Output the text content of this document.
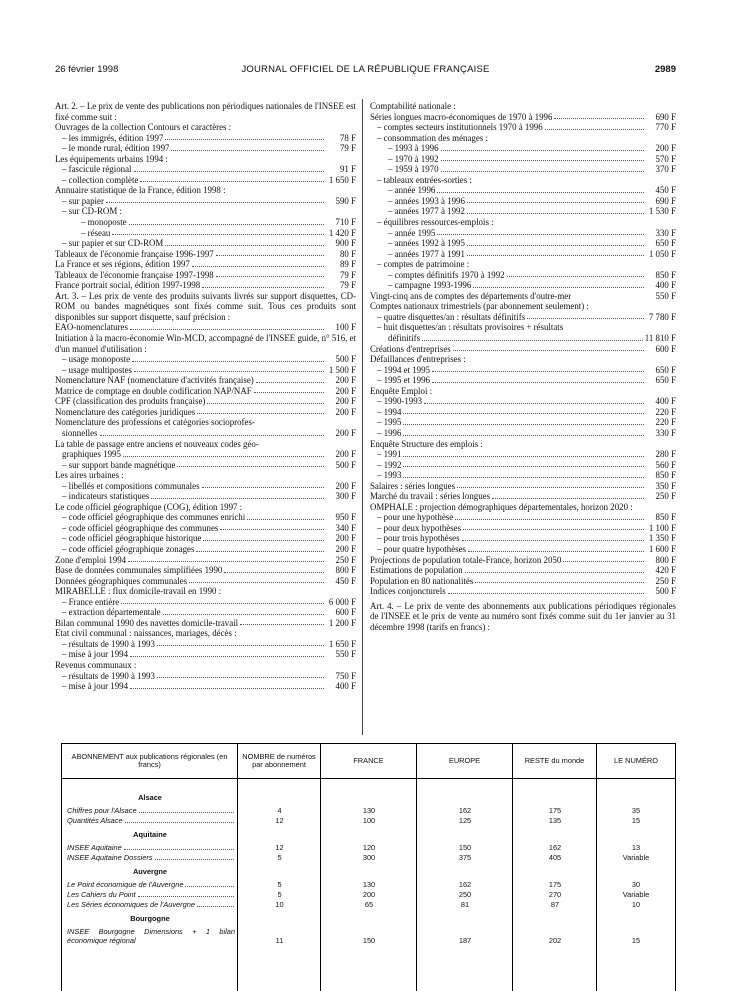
26 février 1998	JOURNAL OFFICIEL DE LA RÉPUBLIQUE FRANÇAISE	2989
Art. 2. – Le prix de vente des publications non périodiques nationales de l'INSEE est fixé comme suit :
Ouvrages de la collection Contours et caractères :
– les immigrés, édition 1997	78 F
– le monde rural, édition 1997	79 F
Les équipements urbains 1994 :
– fascicule régional	91 F
– collection complète	1 650 F
Annuaire statistique de la France, édition 1998 :
– sur papier	590 F
– sur CD-ROM :
– monoposte	710 F
– réseau	1 420 F
– sur papier et sur CD-ROM	900 F
Tableaux de l'économie française 1996-1997	80 F
La France et ses régions, édition 1997	89 F
Tableaux de l'économie française 1997-1998	79 F
France portrait social, édition 1997-1998	79 F
Art. 3. – Les prix de vente des produits suivants livrés sur support disquettes, CD-ROM ou bandes magnétiques sont fixés comme suit. Tous ces produits sont disponibles sur support disquette, sauf précision :
EAO-nomenclatures	100 F
Initiation à la macro-économie Win-MCD, accompagné de l'INSEE guide, n° 516, et d'un manuel d'utilisation :
– usage monoposte	500 F
– usage multipostes	1 500 F
Nomenclature NAF (nomenclature d'activités française)	200 F
Matrice de comptage en double codification NAP/NAF	200 F
CPF (classification des produits française)	200 F
Nomenclature des catégories juridiques	200 F
Nomenclature des professions et catégories socioprofes-
sionnelles	200 F
La table de passage entre anciens et nouveaux codes géo-
graphiques 1995	200 F
– sur support bande magnétique	500 F
Les aires urbaines :
– libellés et compositions communales	200 F
– indicateurs statistiques	300 F
Le code officiel géographique (COG), édition 1997 :
– code officiel géographique des communes enrichi	950 F
– code officiel géographique des communes	340 F
– code officiel géographique historique	200 F
– code officiel géographique zonages	200 F
Zone d'emploi 1994	250 F
Base de données communales simplifiées 1990	800 F
Données géographiques communales	450 F
MIRABELLE : flux domicile-travail en 1990 :
– France entière	6 000 F
– extraction départementale	600 F
Bilan communal 1990 des navettes domicile-travail	1 200 F
Etat civil communal : naissances, mariages, décès :
– résultats de 1990 à 1993	1 650 F
– mise à jour 1994	550 F
Revenus communaux :
– résultats de 1990 à 1993	750 F
– mise à jour 1994	400 F
Comptabilité nationale :
Séries longues macro-économiques de 1970 à 1996	690 F
– comptes secteurs institutionnels 1970 à 1996	770 F
– consommation des ménages :
– 1993 à 1996	200 F
– 1970 à 1992	570 F
– 1959 à 1970	370 F
– tableaux entrées-sorties :
– année 1996	450 F
– années 1993 à 1996	690 F
– années 1977 à 1992	1 530 F
– équilibres ressources-emplois :
– année 1995	330 F
– années 1992 à 1995	650 F
– années 1977 à 1991	1 050 F
– comptes de patrimoine :
– comptes définitifs 1970 à 1992	850 F
– campagne 1993-1996	400 F
Vingt-cinq ans de comptes des départements d'outre-mer	550 F
Comptes nationaux trimestriels (par abonnement seulement) :
– quatre disquettes/an : résultats définitifs	7 780 F
– huit disquettes/an : résultats provisoires + résultats
définitifs	11 810 F
Créations d'entreprises	600 F
Défaillances d'entreprises :
– 1994 et 1995	650 F
– 1995 et 1996	650 F
Enquête Emploi :
– 1990-1993	400 F
– 1994	220 F
– 1995	220 F
– 1996	330 F
Enquête Structure des emplois :
– 1991	280 F
– 1992	560 F
– 1993	850 F
Salaires : séries longues	350 F
Marché du travail : séries longues	250 F
OMPHALE : projection démographiques départementales, horizon 2020 :
– pour une hypothèse	850 F
– pour deux hypothèses	1 100 F
– pour trois hypothèses	1 350 F
– pour quatre hypothèses	1 600 F
Projections de population totale-France, horizon 2050	800 F
Estimations de population	420 F
Population en 80 nationalités	250 F
Indices conjoncturels	500 F
Art. 4. – Le prix de vente des abonnements aux publications périodiques régionales de l'INSEE et le prix de vente au numéro sont fixés comme suit du 1er janvier au 31 décembre 1998 (tarifs en francs) :
ABONNEMENT aux publications régionales (en francs)
NOMBRE de numéros par abonnement	FRANCE	EUROPE	RESTE du monde	LE NUMÉRO
Alsace
Chiffres pour l'Alsace	4	130	162	175	35
Quantités Alsace	12	100	125	135	15
Aquitaine
INSEE Aquitaine	12	120	150	162	13
INSEE Aquitaine Dossiers	5	300	375	405	Variable
Auvergne
Le Point économique de l'Auvergne	5	130	162	175	30
Les Cahiers du Point	5	200	250	270	Variable
Les Séries économiques de l'Auvergne	10	65	81	87	10
Bourgogne
INSEE Bourgogne Dimensions + 1 bilan économique régional	11	150	187	202	15
